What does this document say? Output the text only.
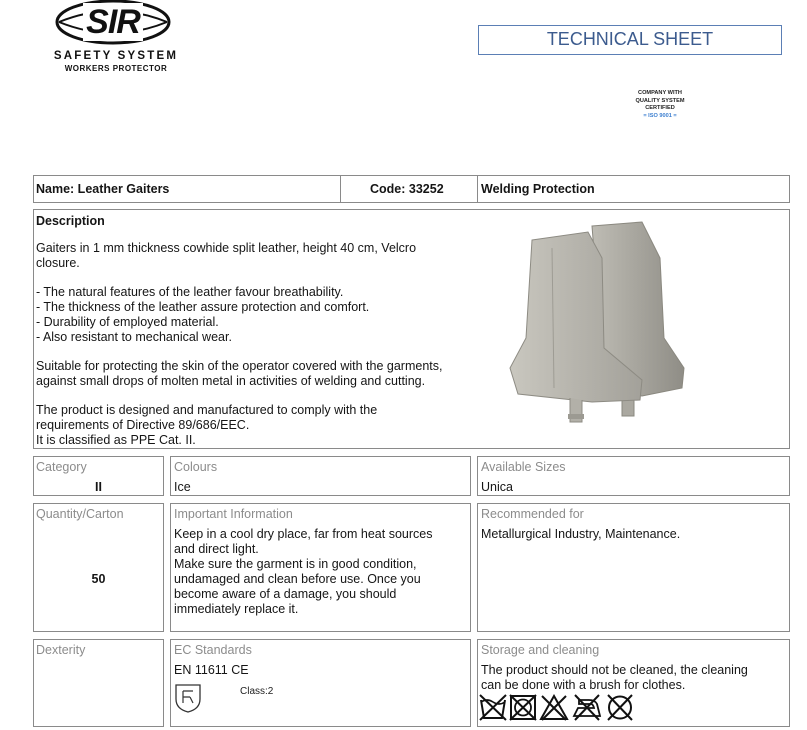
SIR
SAFETY SYSTEM
WORKERS PROTECTOR
TECHNICAL SHEET
COMPANY WITH
QUALITY SYSTEM
CERTIFIED
= ISO 9001 =
Name: Leather Gaiters	Code: 33252	Welding Protection
Description
Gaiters in 1 mm thickness cowhide split leather, height 40 cm, Velcro closure.
- The natural features of the leather favour breathability.
- The thickness of the leather assure protection and comfort.
- Durability of employed material.
- Also resistant to mechanical wear.
Suitable for protecting the skin of the operator covered with the garments, against small drops of molten metal in activities of welding and cutting.
The product is designed and manufactured to comply with the
requirements of Directive 89/686/EEC.
It is classified as PPE Cat. II.
Category
II
Colours
Ice
Available Sizes
Unica
Quantity/Carton
50
Important Information
Keep in a cool dry place, far from heat sources
and direct light.
Make sure the garment is in good condition,
undamaged and clean before use. Once you
become aware of a damage, you should
immediately replace it.
Recommended for
Metallurgical Industry, Maintenance.
Dexterity	EC Standards
EN 11611 CE
Class:2
Storage and cleaning
The product should not be cleaned, the cleaning
can be done with a brush for clothes.
